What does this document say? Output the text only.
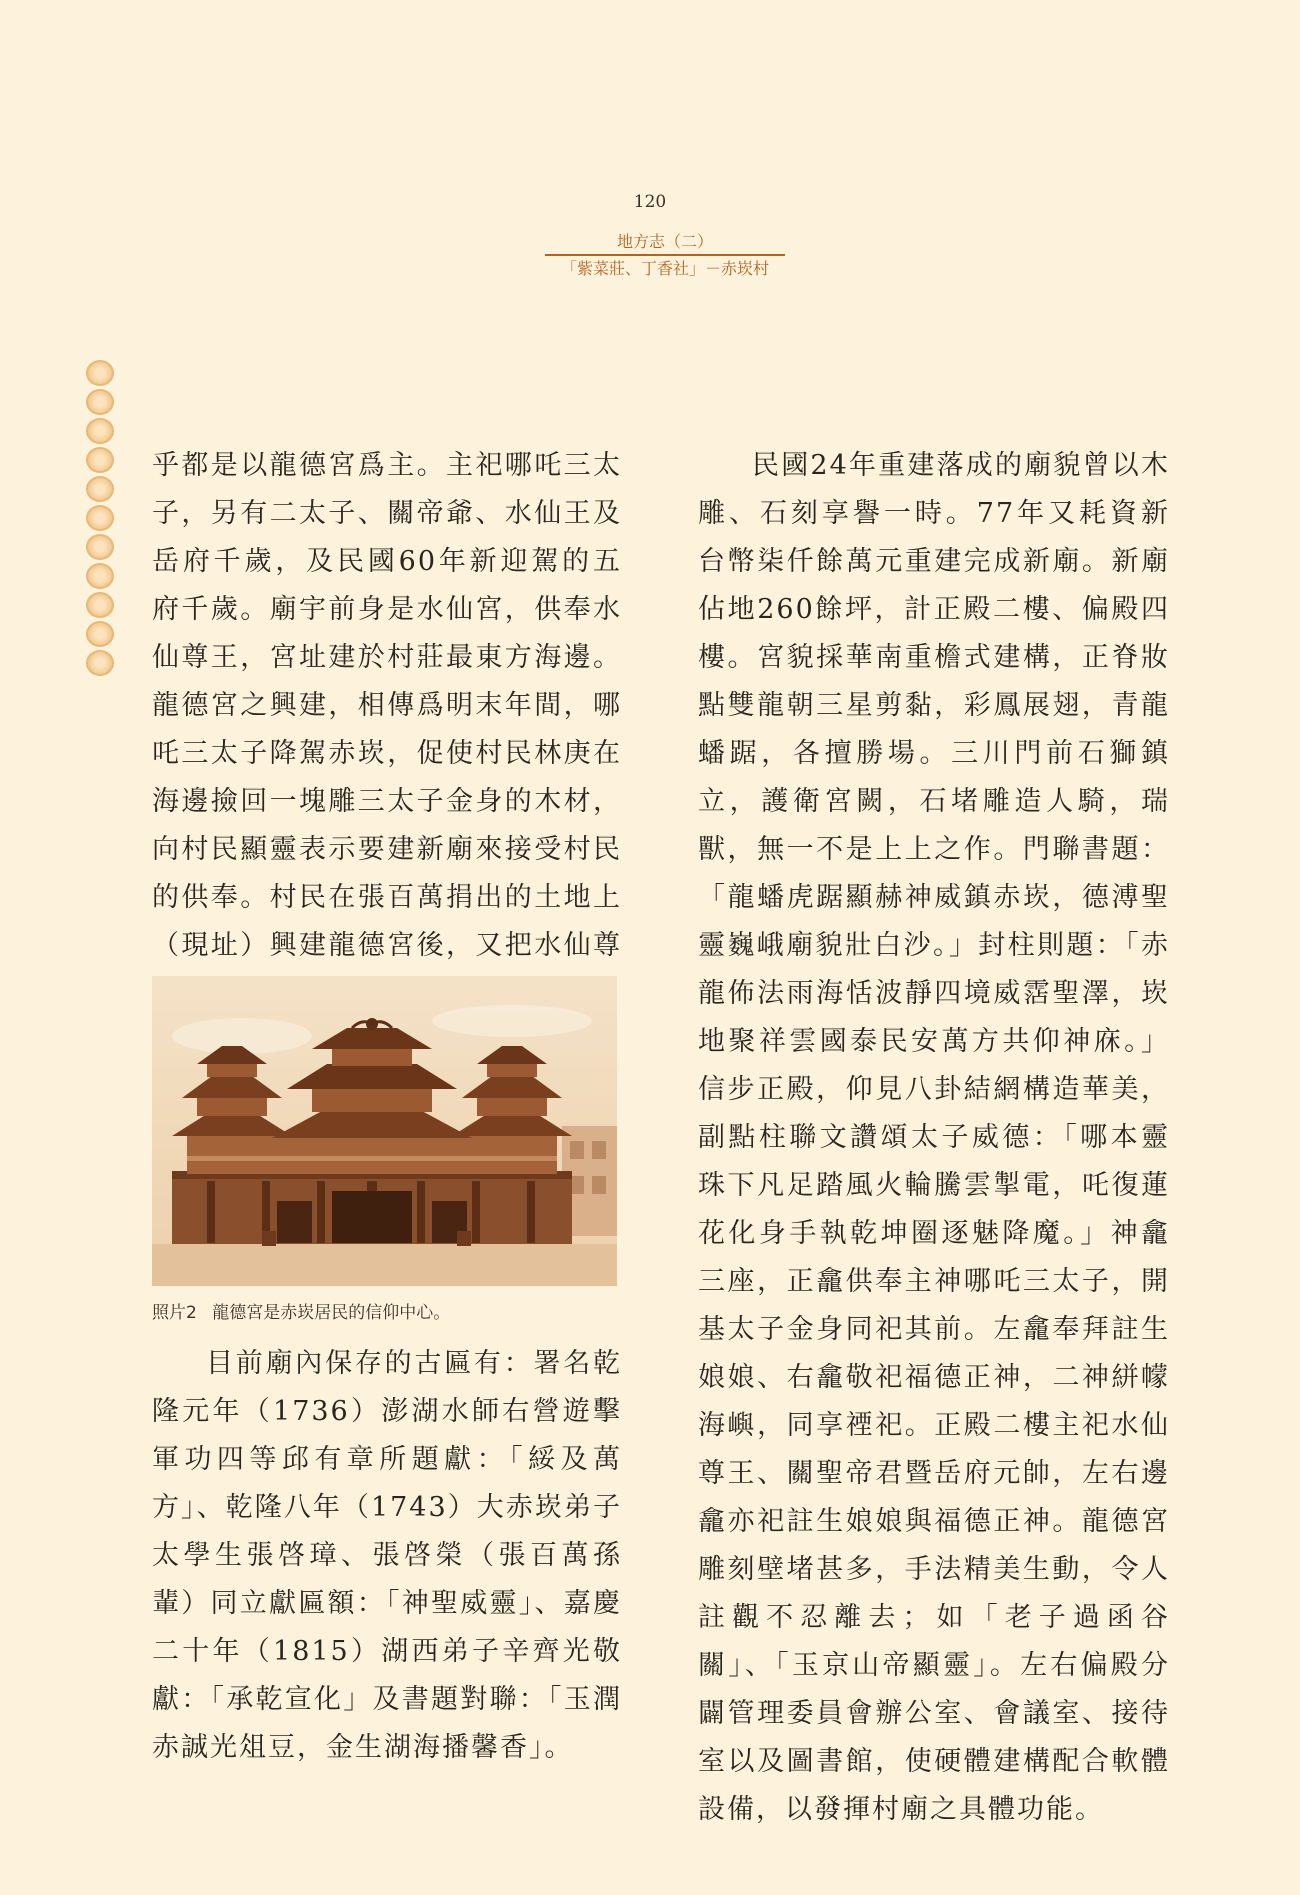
120
地方志（二）
「紫菜莊、丁香社」－赤崁村

乎都是以龍德宮爲主。主祀哪吒三太子，另有二太子、關帝爺、水仙王及岳府千歲，及民國60年新迎駕的五府千歲。廟宇前身是水仙宮，供奉水仙尊王，宮址建於村莊最東方海邊。龍德宮之興建，相傳爲明末年間，哪吒三太子降駕赤崁，促使村民林庚在海邊撿回一塊雕三太子金身的木材，向村民顯靈表示要建新廟來接受村民的供奉。村民在張百萬捐出的土地上（現址）興建龍德宮後，又把水仙尊

照片2 龍德宮是赤崁居民的信仰中心。

目前廟內保存的古匾有：署名乾隆元年（1736）澎湖水師右營遊擊軍功四等邱有章所題獻：「綏及萬方」、乾隆八年（1743）大赤崁弟子太學生張啓璋、張啓榮（張百萬孫輩）同立獻匾額：「神聖威靈」、嘉慶二十年（1815）湖西弟子辛齊光敬獻：「承乾宣化」及書題對聯：「玉潤赤誠光俎豆，金生湖海播馨香」。

民國24年重建落成的廟貌曾以木雕、石刻享譽一時。77年又耗資新台幣柒仟餘萬元重建完成新廟。新廟佔地260餘坪，計正殿二樓、偏殿四樓。宮貌採華南重檐式建構，正脊妝點雙龍朝三星剪黏，彩鳳展翅，青龍蟠踞，各擅勝場。三川門前石獅鎮立，護衛宮闕，石堵雕造人騎，瑞獸，無一不是上上之作。門聯書題：「龍蟠虎踞顯赫神威鎮赤崁，德溥聖靈巍峨廟貌壯白沙。」封柱則題：「赤龍佈法雨海恬波靜四境威霑聖澤，崁地聚祥雲國泰民安萬方共仰神庥。」信步正殿，仰見八卦結網構造華美，副點柱聯文讚頌太子威德：「哪本靈珠下凡足踏風火輪騰雲掣電，吒復蓮花化身手執乾坤圈逐魅降魔。」神龕三座，正龕供奉主神哪吒三太子，開基太子金身同祀其前。左龕奉拜註生娘娘、右龕敬祀福德正神，二神絣幪海嶼，同享禋祀。正殿二樓主祀水仙尊王、關聖帝君暨岳府元帥，左右邊龕亦祀註生娘娘與福德正神。龍德宮雕刻壁堵甚多，手法精美生動，令人註觀不忍離去；如「老子過函谷關」、「玉京山帝顯靈」。左右偏殿分闢管理委員會辦公室、會議室、接待室以及圖書館，使硬體建構配合軟體設備，以發揮村廟之具體功能。
